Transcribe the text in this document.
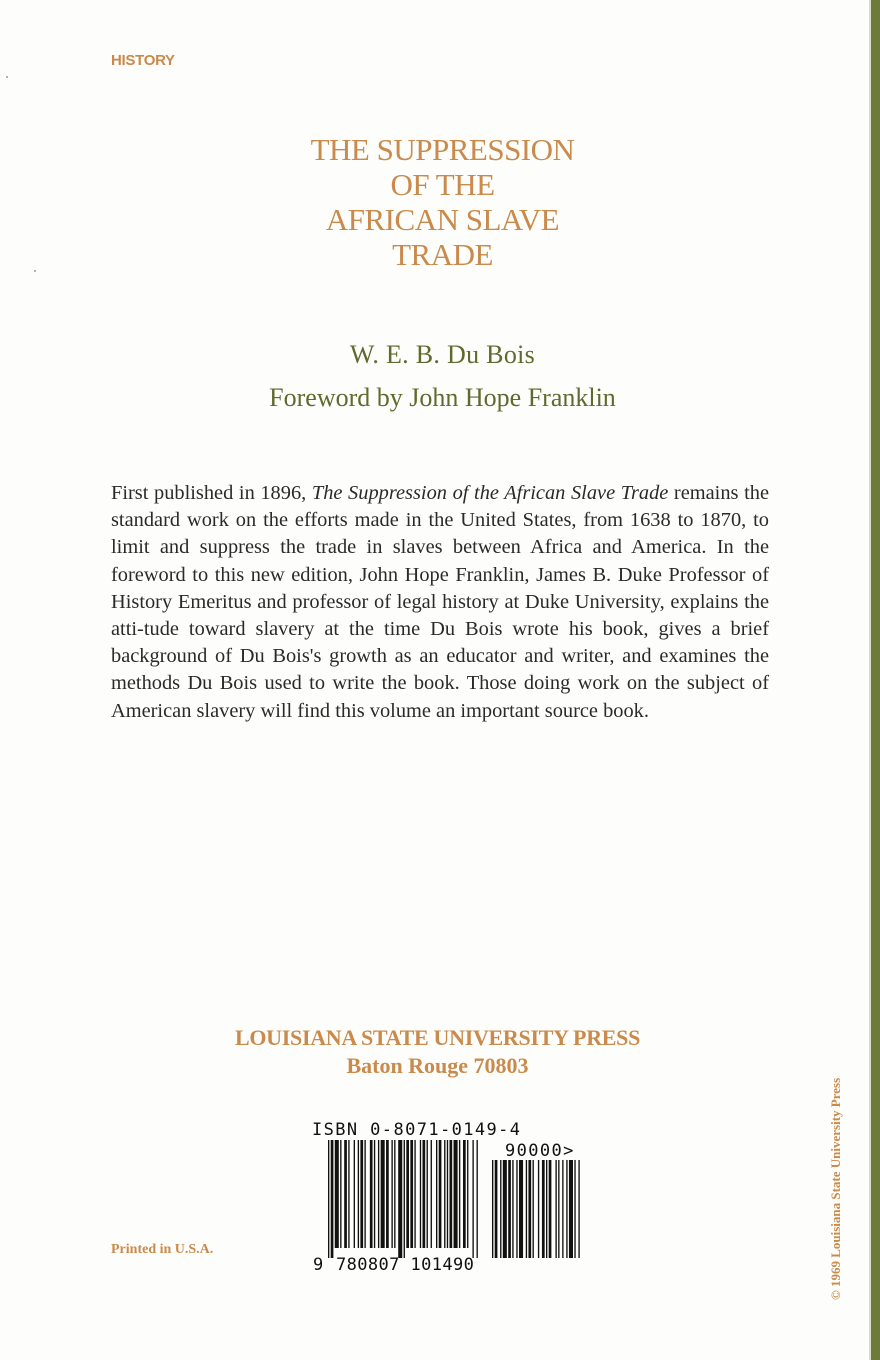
HISTORY
THE SUPPRESSION
OF THE
AFRICAN SLAVE
TRADE
W. E. B. Du Bois
Foreword by John Hope Franklin

First published in 1896, The Suppression of the African Slave Trade remains the standard work on the efforts made in the United States, from 1638 to 1870, to limit and suppress the trade in slaves between Africa and America. In the foreword to this new edition, John Hope Franklin, James B. Duke Professor of History Emeritus and professor of legal history at Duke University, explains the atti-tude toward slavery at the time Du Bois wrote his book, gives a brief background of Du Bois's growth as an educator and writer, and examines the methods Du Bois used to write the book. Those doing work on the subject of American slavery will find this volume an important source book.

LOUISIANA STATE UNIVERSITY PRESS
Baton Rouge 70803
ISBN 0-8071-0149-4
90000>
9 780807 101490
Printed in U.S.A.	© 1969 Louisiana State University Press
